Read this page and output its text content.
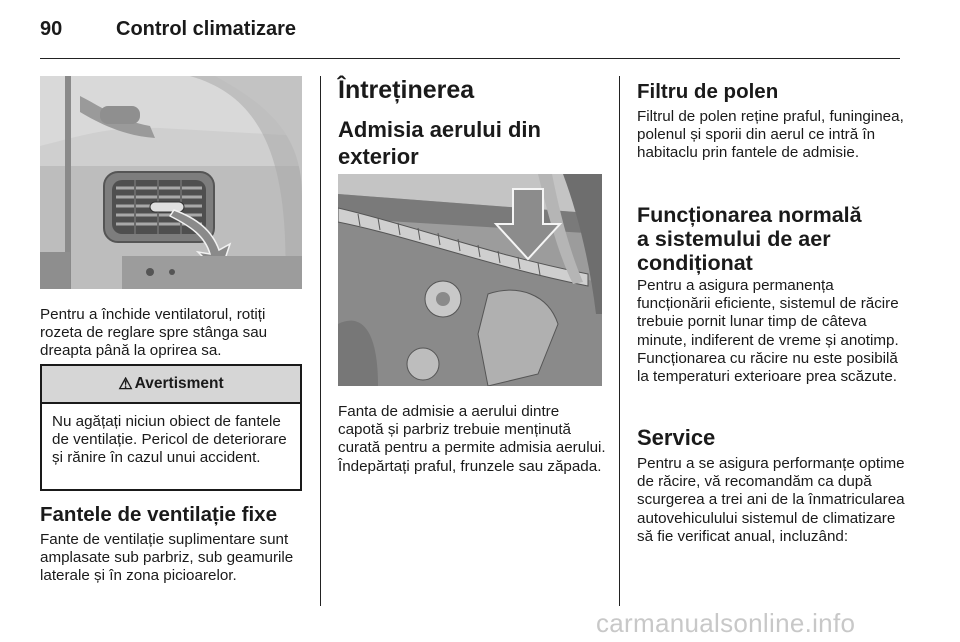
90	Control climatizare

Pentru a închide ventilatorul, rotiți rozeta de reglare spre stânga sau dreapta până la oprirea sa.

⚠ Avertisment
Nu agățați niciun obiect de fantele de ventilație. Pericol de deteriorare și rănire în cazul unui accident.
Fantele de ventilație fixe

Fante de ventilație suplimentare sunt amplasate sub parbriz, sub geamurile laterale și în zona picioarelor.

Întreținerea
Admisia aerului din exterior

Fanta de admisie a aerului dintre capotă și parbriz trebuie menținută curată pentru a permite admisia aerului. Îndepărtați praful, frunzele sau zăpada.

Filtru de polen

Filtrul de polen reține praful, funinginea, polenul și sporii din aerul ce intră în habitaclu prin fantele de admisie.

Funcționarea normală a sistemului de aer condiționat

Pentru a asigura permanența funcționării eficiente, sistemul de răcire trebuie pornit lunar timp de câteva minute, indiferent de vreme și anotimp. Funcționarea cu răcire nu este posibilă la temperaturi exterioare prea scăzute.

Service

Pentru a se asigura performanțe optime de răcire, vă recomandăm ca după scurgerea a trei ani de la înmatricularea autovehiculului sistemul de climatizare să fie verificat anual, incluzând:

carmanualsonline.info
